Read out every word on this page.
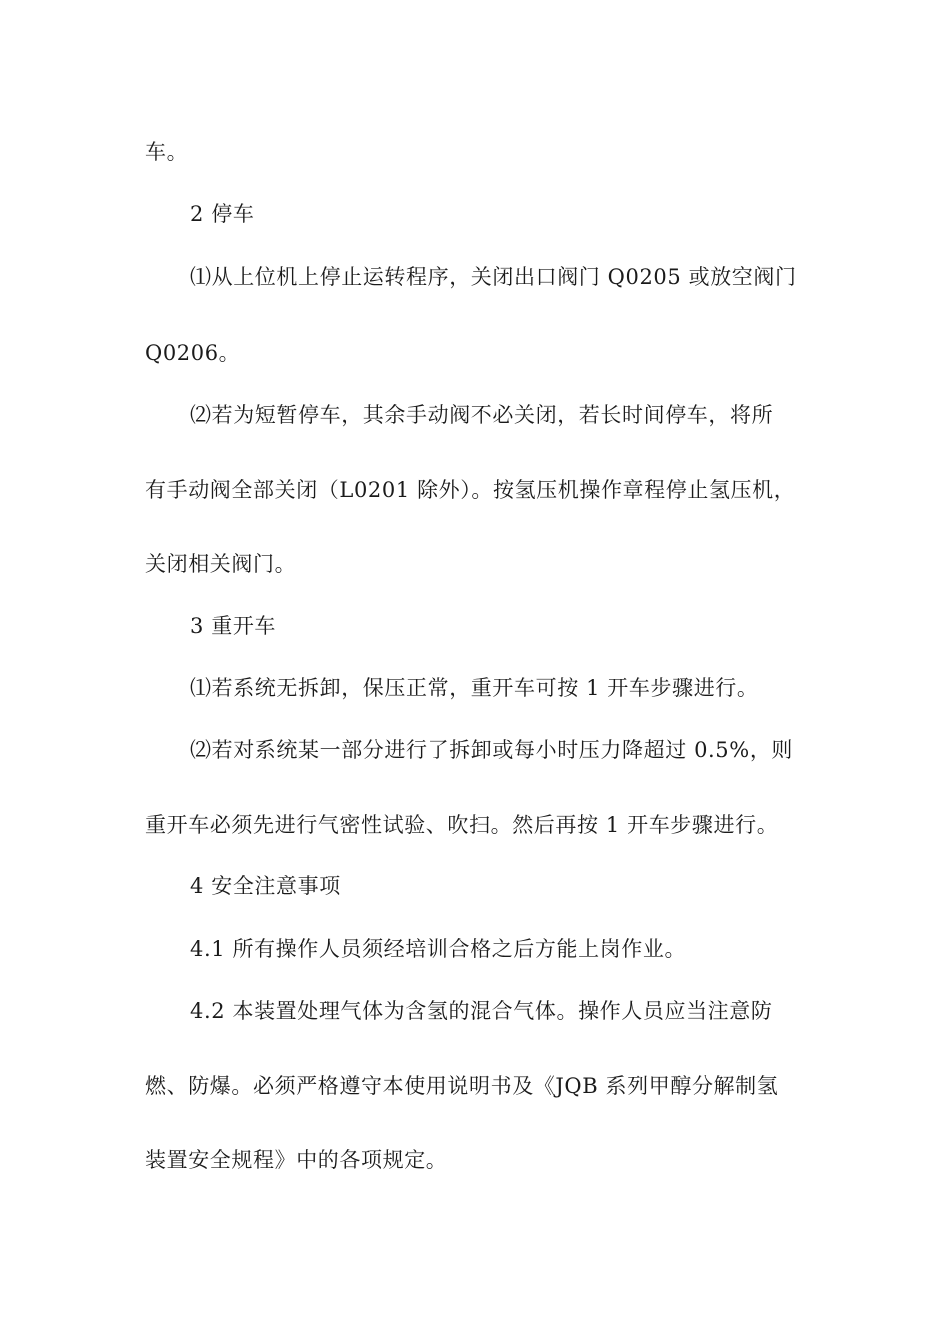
车。
2 停车
⑴从上位机上停止运转程序，关闭出口阀门 Q0205 或放空阀门
Q0206。
⑵若为短暂停车，其余手动阀不必关闭，若长时间停车，将所
有手动阀全部关闭（L0201 除外）。按氢压机操作章程停止氢压机，
关闭相关阀门。
3 重开车
⑴若系统无拆卸，保压正常，重开车可按 1 开车步骤进行。
⑵若对系统某一部分进行了拆卸或每小时压力降超过 0.5%，则
重开车必须先进行气密性试验、吹扫。然后再按 1 开车步骤进行。
4 安全注意事项
4.1 所有操作人员须经培训合格之后方能上岗作业。
4.2 本装置处理气体为含氢的混合气体。操作人员应当注意防
燃、防爆。必须严格遵守本使用说明书及《JQB 系列甲醇分解制氢
装置安全规程》中的各项规定。
